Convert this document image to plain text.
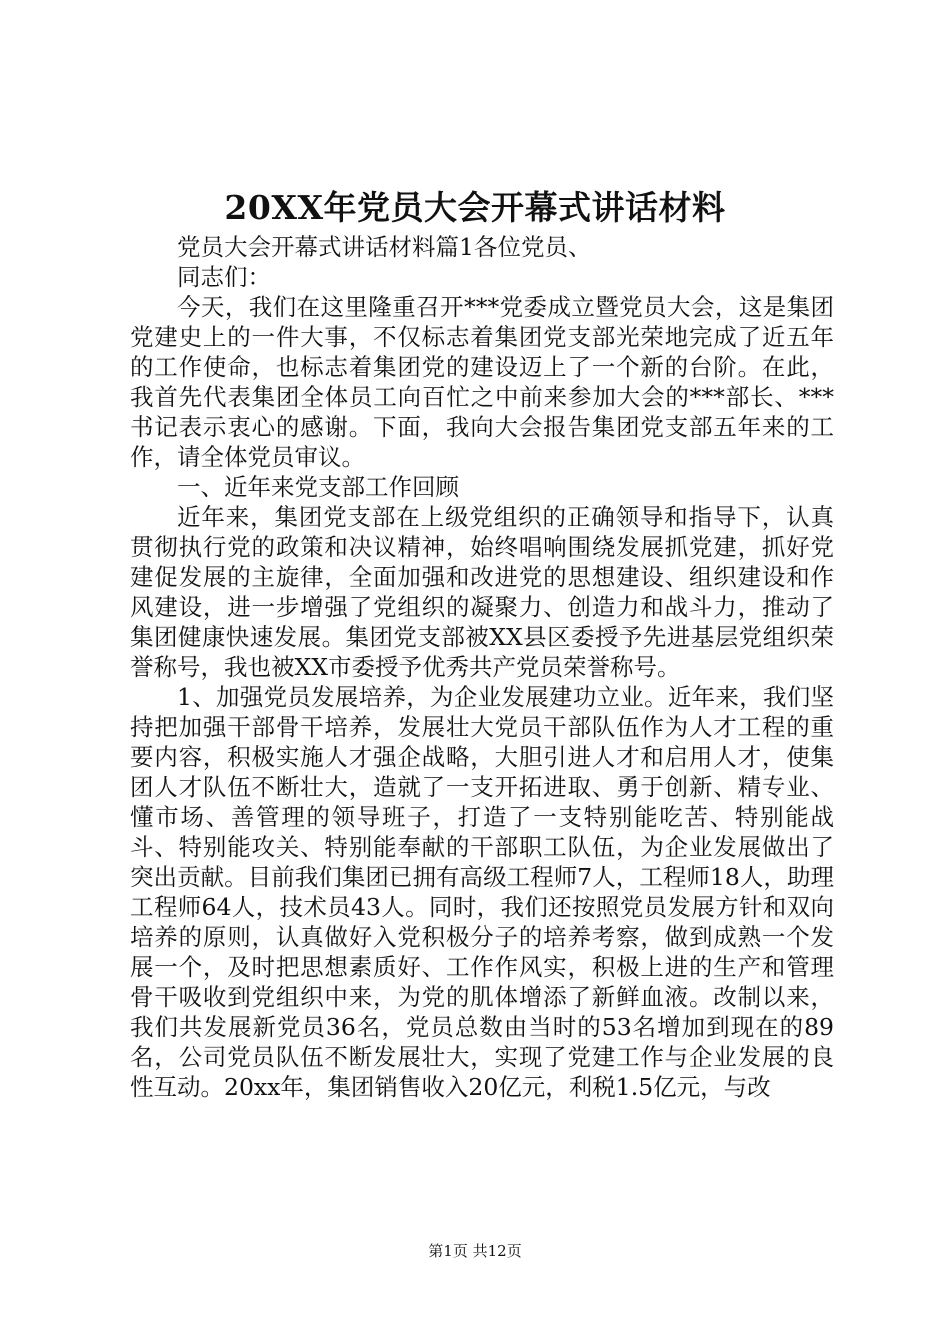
20XX年党员大会开幕式讲话材料

党员大会开幕式讲话材料篇1各位党员、

同志们：

今天，我们在这里隆重召开***党委成立暨党员大会，这是集团党建史上的一件大事，不仅标志着集团党支部光荣地完成了近五年的工作使命，也标志着集团党的建设迈上了一个新的台阶。在此，我首先代表集团全体员工向百忙之中前来参加大会的***部长、***书记表示衷心的感谢。下面，我向大会报告集团党支部五年来的工作，请全体党员审议。

一、近年来党支部工作回顾

近年来，集团党支部在上级党组织的正确领导和指导下，认真贯彻执行党的政策和决议精神，始终唱响围绕发展抓党建，抓好党建促发展的主旋律，全面加强和改进党的思想建设、组织建设和作风建设，进一步增强了党组织的凝聚力、创造力和战斗力，推动了集团健康快速发展。集团党支部被XX县区委授予先进基层党组织荣誉称号，我也被XX市委授予优秀共产党员荣誉称号。

1、加强党员发展培养，为企业发展建功立业。近年来，我们坚持把加强干部骨干培养，发展壮大党员干部队伍作为人才工程的重要内容，积极实施人才强企战略，大胆引进人才和启用人才，使集团人才队伍不断壮大，造就了一支开拓进取、勇于创新、精专业、懂市场、善管理的领导班子，打造了一支特别能吃苦、特别能战斗、特别能攻关、特别能奉献的干部职工队伍，为企业发展做出了突出贡献。目前我们集团已拥有高级工程师7人，工程师18人，助理工程师64人，技术员43人。同时，我们还按照党员发展方针和双向培养的原则，认真做好入党积极分子的培养考察，做到成熟一个发展一个，及时把思想素质好、工作作风实，积极上进的生产和管理骨干吸收到党组织中来，为党的肌体增添了新鲜血液。改制以来，我们共发展新党员36名，党员总数由当时的53名增加到现在的89名，公司党员队伍不断发展壮大，实现了党建工作与企业发展的良性互动。20xx年，集团销售收入20亿元，利税1.5亿元，与改

第1页 共12页
